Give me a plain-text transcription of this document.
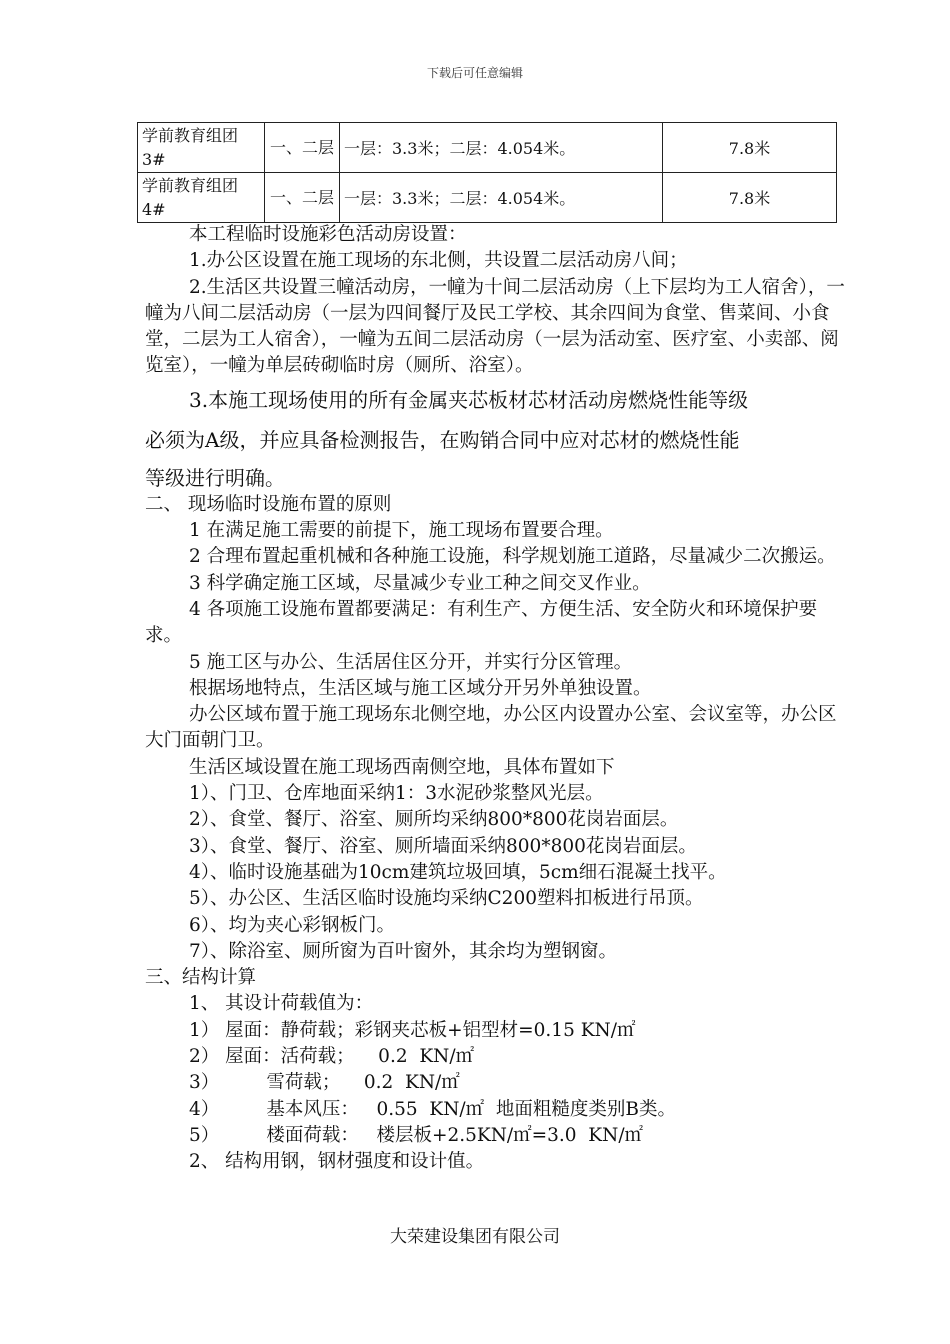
下载后可任意编辑
学前教育组团3#	一、二层	一层：3.3米；二层：4.054米。	7.8米
学前教育组团4#	一、二层	一层：3.3米；二层：4.054米。	7.8米

本工程临时设施彩色活动房设置：

1.办公区设置在施工现场的东北侧，共设置二层活动房八间；

2.生活区共设置三幢活动房，一幢为十间二层活动房（上下层均为工人宿舍），一幢为八间二层活动房（一层为四间餐厅及民工学校、其余四间为食堂、售菜间、小食堂，二层为工人宿舍），一幢为五间二层活动房（一层为活动室、医疗室、小卖部、阅览室），一幢为单层砖砌临时房（厕所、浴室）。

3.本施工现场使用的所有金属夹芯板材芯材活动房燃烧性能等级

必须为A级，并应具备检测报告，在购销合同中应对芯材的燃烧性能

等级进行明确。

二、 现场临时设施布置的原则

1 在满足施工需要的前提下，施工现场布置要合理。

2 合理布置起重机械和各种施工设施，科学规划施工道路，尽量减少二次搬运。

3 科学确定施工区域，尽量减少专业工种之间交叉作业。

4 各项施工设施布置都要满足：有利生产、方便生活、安全防火和环境保护要求。

5 施工区与办公、生活居住区分开，并实行分区管理。

根据场地特点，生活区域与施工区域分开另外单独设置。

办公区域布置于施工现场东北侧空地，办公区内设置办公室、会议室等，办公区大门面朝门卫。

生活区域设置在施工现场西南侧空地，具体布置如下

1）、门卫、仓库地面采纳1：3水泥砂浆整风光层。

2）、食堂、餐厅、浴室、厕所均采纳800*800花岗岩面层。

3）、食堂、餐厅、浴室、厕所墙面采纳800*800花岗岩面层。

4）、临时设施基础为10cm建筑垃圾回填，5cm细石混凝土找平。

5）、办公区、生活区临时设施均采纳C200塑料扣板进行吊顶。

6）、均为夹心彩钢板门。

7）、除浴室、厕所窗为百叶窗外，其余均为塑钢窗。

三、结构计算

1、 其设计荷载值为：

1） 屋面：静荷载；彩钢夹芯板+铝型材=0.15 KN/㎡

2） 屋面：活荷载；    0.2  KN/㎡

3）        雪荷载；    0.2  KN/㎡

4）        基本风压：   0.55  KN/㎡  地面粗糙度类别B类。

5）        楼面荷载：   楼层板+2.5KN/㎡=3.0  KN/㎡

2、 结构用钢，钢材强度和设计值。

大荣建设集团有限公司
